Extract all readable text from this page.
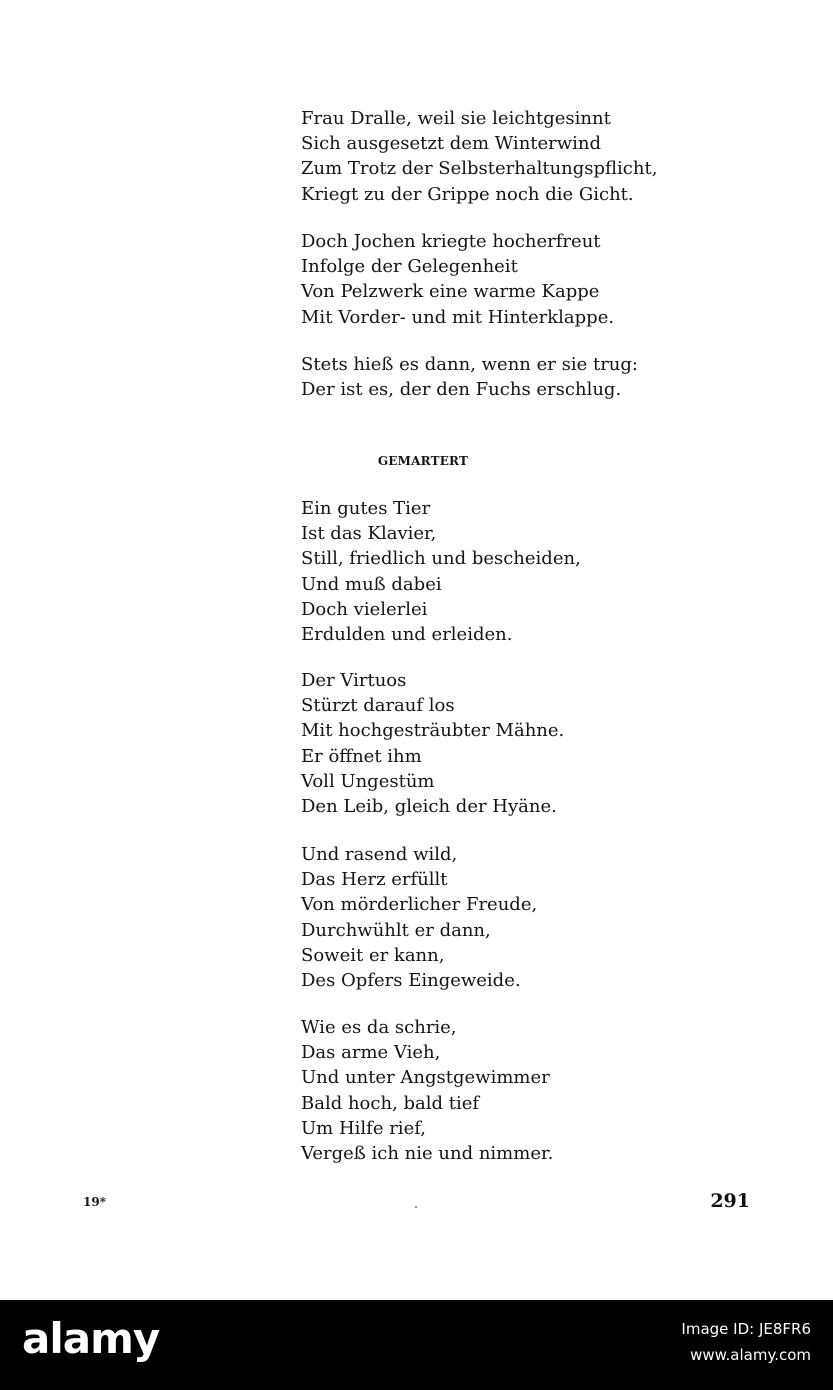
Frau Dralle, weil sie leichtgesinnt
Sich ausgesetzt dem Winterwind
Zum Trotz der Selbsterhaltungspflicht,
Kriegt zu der Grippe noch die Gicht.
Doch Jochen kriegte hocherfreut
Infolge der Gelegenheit
Von Pelzwerk eine warme Kappe
Mit Vorder- und mit Hinterklappe.
Stets hieß es dann, wenn er sie trug:
Der ist es, der den Fuchs erschlug.
Ein gutes Tier
Ist das Klavier,
Still, friedlich und bescheiden,
Und muß dabei
Doch vielerlei
Erdulden und erleiden.
Der Virtuos
Stürzt darauf los
Mit hochgesträubter Mähne.
Er öffnet ihm
Voll Ungestüm
Den Leib, gleich der Hyäne.
Und rasend wild,
Das Herz erfüllt
Von mörderlicher Freude,
Durchwühlt er dann,
Soweit er kann,
Des Opfers Eingeweide.
Wie es da schrie,
Das arme Vieh,
Und unter Angstgewimmer
Bald hoch, bald tief
Um Hilfe rief,
Vergeß ich nie und nimmer.
GEMARTERT
19*	291
alamy	Image ID: JE8FR6
www.alamy.com
